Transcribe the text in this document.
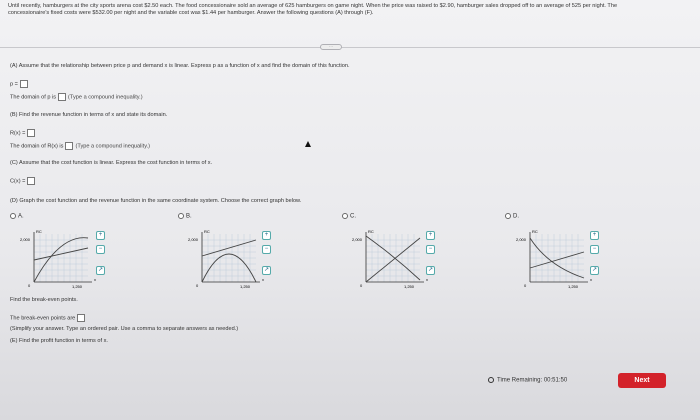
Until recently, hamburgers at the city sports arena cost $2.50 each. The food concessionaire sold an average of 625 hamburgers on game night. When the price was raised to $2.90, hamburger sales dropped off to an average of 525 per night. The concessionaire's fixed costs were $532.00 per night and the variable cost was $1.44 per hamburger. Answer the following questions (A) through (F).
···
(A) Assume that the relationship between price p and demand x is linear. Express p as a function of x and find the domain of this function.
p =
The domain of p is (Type a compound inequality.)
(B) Find the revenue function in terms of x and state its domain.
R(x) =
The domain of R(x) is (Type a compound inequality.)
(C) Assume that the cost function is linear. Express the cost function in terms of x.
C(x) =
(D) Graph the cost function and the revenue function in the same coordinate system. Choose the correct graph below.
A.	B.	C.	D.
2,000
1,250
RC
0
x
+
−
↗
2,000
1,250
RC
0
x
+
−
↗
2,000
1,250
RC
0
x
+
−
↗
2,000
1,250
RC
0
x
+
−
↗
Find the break-even points.
The break-even points are
(Simplify your answer. Type an ordered pair. Use a comma to separate answers as needed.)
(E) Find the profit function in terms of x.
Time Remaining: 00:51:50	Next
